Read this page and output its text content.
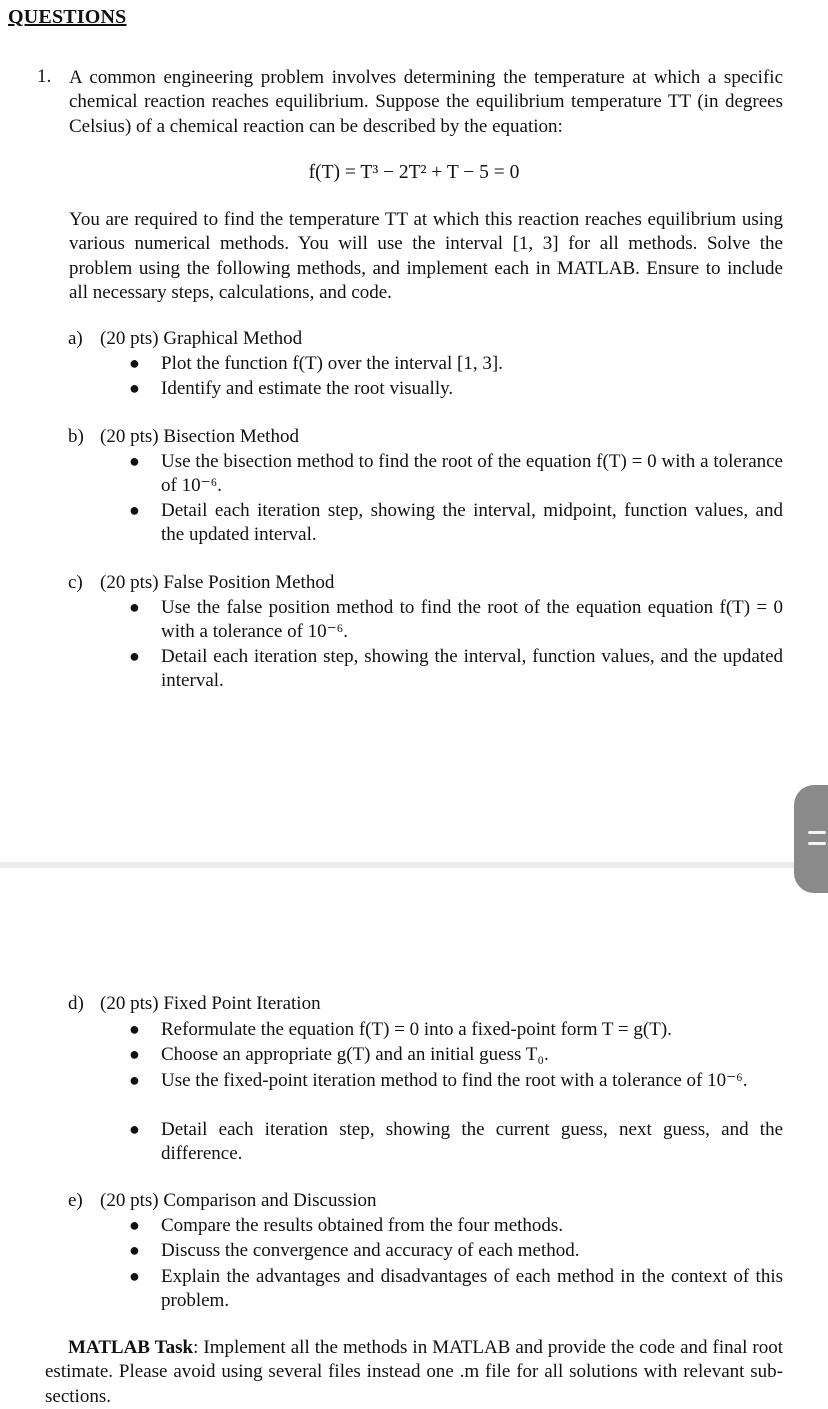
QUESTIONS
1. A common engineering problem involves determining the temperature at which a specific chemical reaction reaches equilibrium. Suppose the equilibrium temperature TT (in degrees Celsius) of a chemical reaction can be described by the equation:
f(T) = T³ − 2T² + T − 5 = 0
You are required to find the temperature TT at which this reaction reaches equilibrium using various numerical methods. You will use the interval [1, 3] for all methods. Solve the problem using the following methods, and implement each in MATLAB. Ensure to include all necessary steps, calculations, and code.
a) (20 pts) Graphical Method
● Plot the function f(T) over the interval [1, 3].
● Identify and estimate the root visually.
b) (20 pts) Bisection Method
● Use the bisection method to find the root of the equation f(T) = 0 with a tolerance of 10⁻⁶.
● Detail each iteration step, showing the interval, midpoint, function values, and the updated interval.
c) (20 pts) False Position Method
● Use the false position method to find the root of the equation equation f(T) = 0 with a tolerance of 10⁻⁶.
● Detail each iteration step, showing the interval, function values, and the updated interval.
d) (20 pts) Fixed Point Iteration
● Reformulate the equation f(T) = 0 into a fixed-point form T = g(T).
● Choose an appropriate g(T) and an initial guess T₀.
● Use the fixed-point iteration method to find the root with a tolerance of 10⁻⁶.
● Detail each iteration step, showing the current guess, next guess, and the difference.
e) (20 pts) Comparison and Discussion
● Compare the results obtained from the four methods.
● Discuss the convergence and accuracy of each method.
● Explain the advantages and disadvantages of each method in the context of this problem.
MATLAB Task: Implement all the methods in MATLAB and provide the code and final root estimate. Please avoid using several files instead one .m file for all solutions with relevant sub-sections.
